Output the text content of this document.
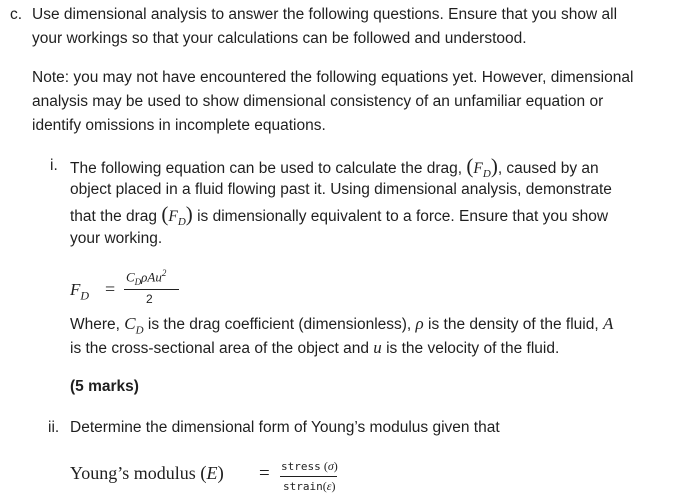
c. Use dimensional analysis to answer the following questions. Ensure that you show all
your workings so that your calculations can be followed and understood.
Note: you may not have encountered the following equations yet. However, dimensional
analysis may be used to show dimensional consistency of an unfamiliar equation or
identify omissions in incomplete equations.
i. The following equation can be used to calculate the drag, $(F_D)$, caused by an
object placed in a fluid flowing past it. Using dimensional analysis, demonstrate
that the drag $(F_D)$ is dimensionally equivalent to a force. Ensure that you show
your working.
$F_D$ =
$C_D\rho Au^2$
2
Where, $C_D$ is the drag coefficient (dimensionless), ρ is the density of the fluid, A
is the cross-sectional area of the object and u is the velocity of the fluid.
(5 marks)
ii. Determine the dimensional form of Young’s modulus given that
Young’s modulus (E) = stress (σ)
strain(ε)
